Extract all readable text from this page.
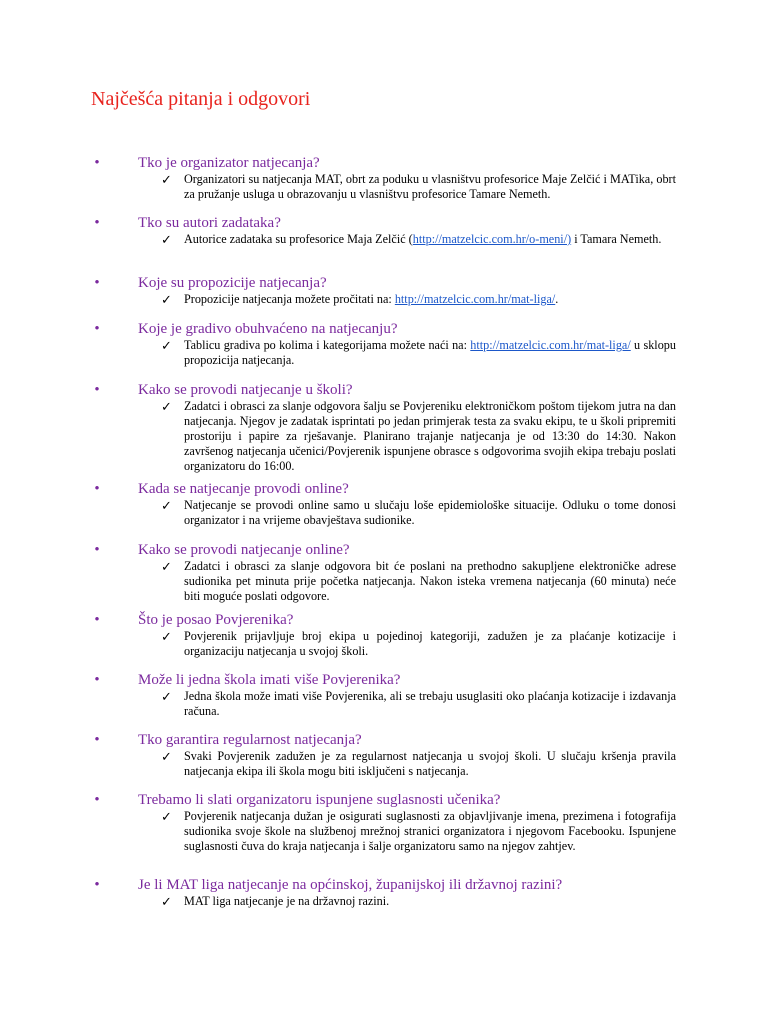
Najčešća pitanja i odgovori
•	Tko je organizator natjecanja?
✓ Organizatori su natjecanja MAT, obrt za poduku u vlasništvu profesorice Maje Zelčić i MATika, obrt za pružanje usluga u obrazovanju u vlasništvu profesorice Tamare Nemeth.
•	Tko su autori zadataka?
✓ Autorice zadataka su profesorice Maja Zelčić (http://matzelcic.com.hr/o-meni/) i Tamara Nemeth.
•	Koje su propozicije natjecanja?
✓ Propozicije natjecanja možete pročitati na: http://matzelcic.com.hr/mat-liga/.
•	Koje je gradivo obuhvaćeno na natjecanju?
✓ Tablicu gradiva po kolima i kategorijama možete naći na: http://matzelcic.com.hr/mat-liga/ u sklopu propozicija natjecanja.
•	Kako se provodi natjecanje u školi?
✓ Zadatci i obrasci za slanje odgovora šalju se Povjereniku elektroničkom poštom tijekom jutra na dan natjecanja. Njegov je zadatak isprintati po jedan primjerak testa za svaku ekipu, te u školi pripremiti prostoriju i papire za rješavanje. Planirano trajanje natjecanja je od 13:30 do 14:30. Nakon završenog natjecanja učenici/Povjerenik ispunjene obrasce s odgovorima svojih ekipa trebaju poslati organizatoru do 16:00.
•	Kada se natjecanje provodi online?
✓ Natjecanje se provodi online samo u slučaju loše epidemiološke situacije. Odluku o tome donosi organizator i na vrijeme obavještava sudionike.
•	Kako se provodi natjecanje online?
✓ Zadatci i obrasci za slanje odgovora bit će poslani na prethodno sakupljene elektroničke adrese sudionika pet minuta prije početka natjecanja. Nakon isteka vremena natjecanja (60 minuta) neće biti moguće poslati odgovore.
•	Što je posao Povjerenika?
✓ Povjerenik prijavljuje broj ekipa u pojedinoj kategoriji, zadužen je za plaćanje kotizacije i organizaciju natjecanja u svojoj školi.
•	Može li jedna škola imati više Povjerenika?
✓ Jedna škola može imati više Povjerenika, ali se trebaju usuglasiti oko plaćanja kotizacije i izdavanja računa.
•	Tko garantira regularnost natjecanja?
✓ Svaki Povjerenik zadužen je za regularnost natjecanja u svojoj školi. U slučaju kršenja pravila natjecanja ekipa ili škola mogu biti isključeni s natjecanja.
•	Trebamo li slati organizatoru ispunjene suglasnosti učenika?
✓ Povjerenik natjecanja dužan je osigurati suglasnosti za objavljivanje imena, prezimena i fotografija sudionika svoje škole na službenoj mrežnoj stranici organizatora i njegovom Facebooku. Ispunjene suglasnosti čuva do kraja natjecanja i šalje organizatoru samo na njegov zahtjev.
•	Je li MAT liga natjecanje na općinskoj, županijskoj ili državnoj razini?
✓ MAT liga natjecanje je na državnoj razini.
